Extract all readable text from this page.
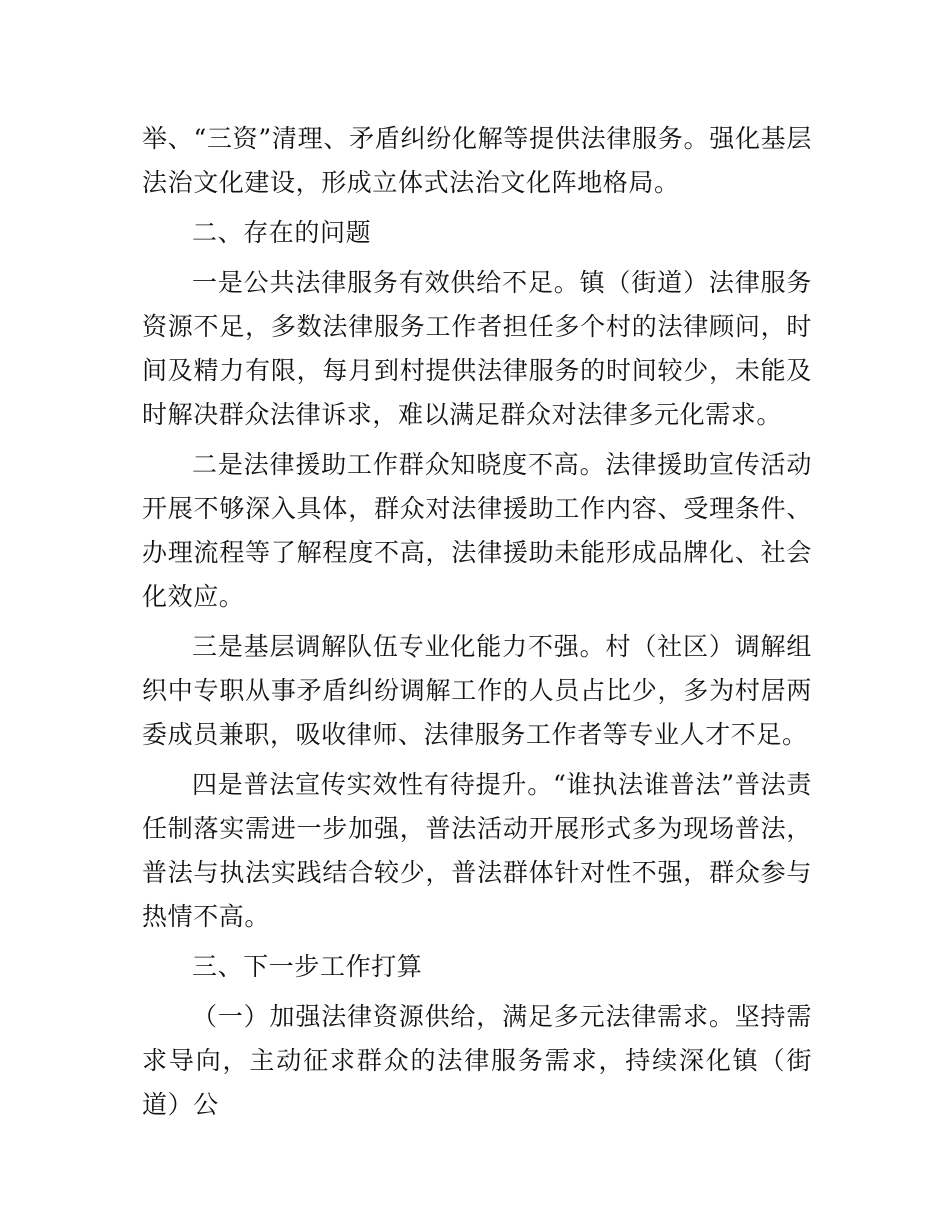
举、“三资”清理、矛盾纠纷化解等提供法律服务。强化基层法治文化建设，形成立体式法治文化阵地格局。

二、存在的问题

一是公共法律服务有效供给不足。镇（街道）法律服务资源不足，多数法律服务工作者担任多个村的法律顾问，时间及精力有限，每月到村提供法律服务的时间较少，未能及时解决群众法律诉求，难以满足群众对法律多元化需求。

二是法律援助工作群众知晓度不高。法律援助宣传活动开展不够深入具体，群众对法律援助工作内容、受理条件、办理流程等了解程度不高，法律援助未能形成品牌化、社会化效应。

三是基层调解队伍专业化能力不强。村（社区）调解组织中专职从事矛盾纠纷调解工作的人员占比少，多为村居两委成员兼职，吸收律师、法律服务工作者等专业人才不足。

四是普法宣传实效性有待提升。“谁执法谁普法”普法责任制落实需进一步加强，普法活动开展形式多为现场普法，普法与执法实践结合较少，普法群体针对性不强，群众参与热情不高。

三、下一步工作打算

（一）加强法律资源供给，满足多元法律需求。坚持需求导向，主动征求群众的法律服务需求，持续深化镇（街道）公
